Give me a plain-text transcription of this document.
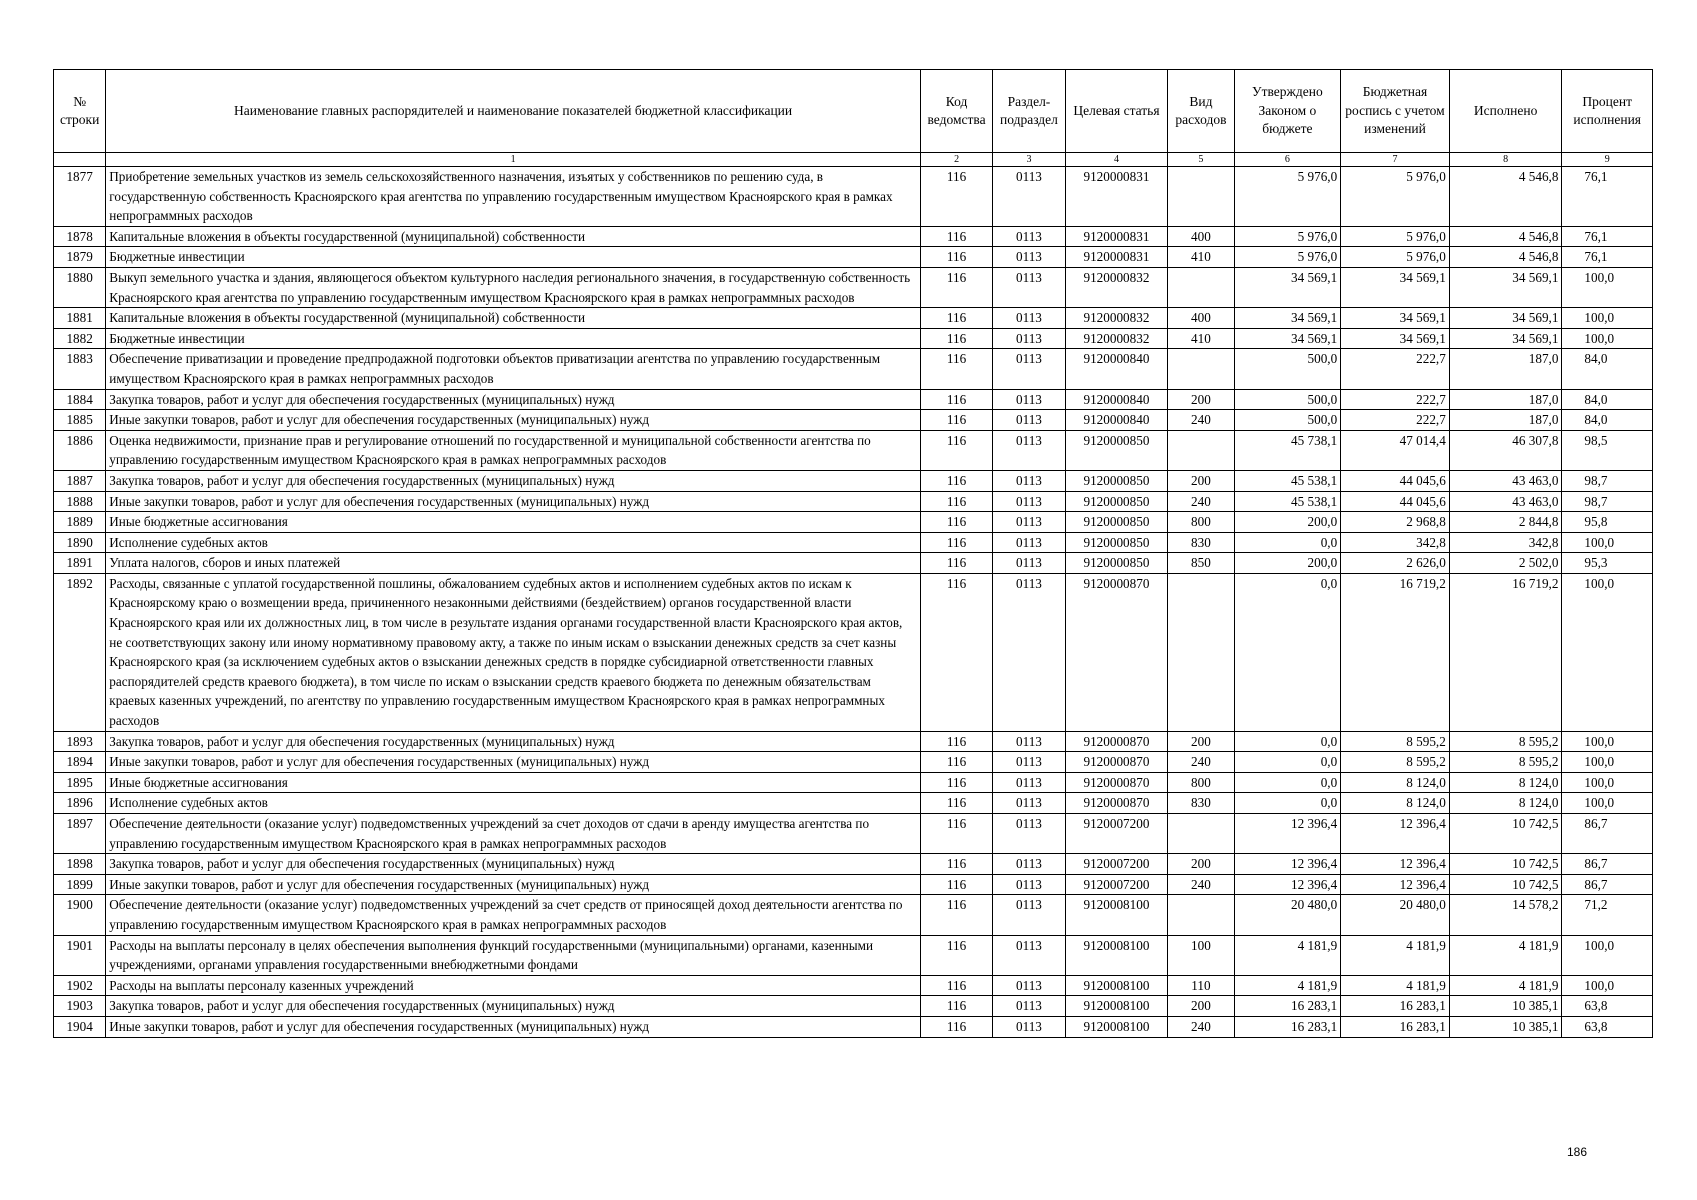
№ строки	Наименование главных распорядителей и наименование показателей бюджетной классификации	Код ведомства	Раздел-подраздел	Целевая статья	Вид расходов	Утверждено Законом о бюджете	Бюджетная роспись с учетом изменений	Исполнено	Процент исполнения
	1	2	3	4	5	6	7	8	9
1877	Приобретение земельных участков из земель сельскохозяйственного назначения, изъятых у собственников по решению суда, в государственную собственность Красноярского края агентства по управлению государственным имуществом Красноярского края в рамках непрограммных расходов	116	0113	9120000831		5 976,0	5 976,0	4 546,8	76,1
1878	Капитальные вложения в объекты государственной (муниципальной) собственности	116	0113	9120000831	400	5 976,0	5 976,0	4 546,8	76,1
1879	Бюджетные инвестиции	116	0113	9120000831	410	5 976,0	5 976,0	4 546,8	76,1
1880	Выкуп земельного участка и здания, являющегося объектом культурного наследия регионального значения, в государственную собственность Красноярского края агентства по управлению государственным имуществом Красноярского края в рамках непрограммных расходов	116	0113	9120000832		34 569,1	34 569,1	34 569,1	100,0
1881	Капитальные вложения в объекты государственной (муниципальной) собственности	116	0113	9120000832	400	34 569,1	34 569,1	34 569,1	100,0
1882	Бюджетные инвестиции	116	0113	9120000832	410	34 569,1	34 569,1	34 569,1	100,0
1883	Обеспечение приватизации и проведение предпродажной подготовки объектов приватизации агентства по управлению государственным имуществом Красноярского края в рамках непрограммных расходов	116	0113	9120000840		500,0	222,7	187,0	84,0
1884	Закупка товаров, работ и услуг для обеспечения государственных (муниципальных) нужд	116	0113	9120000840	200	500,0	222,7	187,0	84,0
1885	Иные закупки товаров, работ и услуг для обеспечения государственных (муниципальных) нужд	116	0113	9120000840	240	500,0	222,7	187,0	84,0
1886	Оценка недвижимости, признание прав и регулирование отношений по государственной и муниципальной собственности агентства по управлению государственным имуществом Красноярского края в рамках непрограммных расходов	116	0113	9120000850		45 738,1	47 014,4	46 307,8	98,5
1887	Закупка товаров, работ и услуг для обеспечения государственных (муниципальных) нужд	116	0113	9120000850	200	45 538,1	44 045,6	43 463,0	98,7
1888	Иные закупки товаров, работ и услуг для обеспечения государственных (муниципальных) нужд	116	0113	9120000850	240	45 538,1	44 045,6	43 463,0	98,7
1889	Иные бюджетные ассигнования	116	0113	9120000850	800	200,0	2 968,8	2 844,8	95,8
1890	Исполнение судебных актов	116	0113	9120000850	830	0,0	342,8	342,8	100,0
1891	Уплата налогов, сборов и иных платежей	116	0113	9120000850	850	200,0	2 626,0	2 502,0	95,3
1892	Расходы, связанные с уплатой государственной пошлины, обжалованием судебных актов и исполнением судебных актов по искам к Красноярскому краю о возмещении вреда, причиненного незаконными действиями (бездействием) органов государственной власти Красноярского края или их должностных лиц, в том числе в результате издания органами государственной власти Красноярского края актов, не соответствующих закону или иному нормативному правовому акту, а также по иным искам о взыскании денежных средств за счет казны Красноярского края (за исключением судебных актов о взыскании денежных средств в порядке субсидиарной ответственности главных распорядителей средств краевого бюджета), в том числе по искам о взыскании средств краевого бюджета по денежным обязательствам краевых казенных учреждений, по агентству по управлению государственным имуществом Красноярского края в рамках непрограммных расходов	116	0113	9120000870		0,0	16 719,2	16 719,2	100,0
1893	Закупка товаров, работ и услуг для обеспечения государственных (муниципальных) нужд	116	0113	9120000870	200	0,0	8 595,2	8 595,2	100,0
1894	Иные закупки товаров, работ и услуг для обеспечения государственных (муниципальных) нужд	116	0113	9120000870	240	0,0	8 595,2	8 595,2	100,0
1895	Иные бюджетные ассигнования	116	0113	9120000870	800	0,0	8 124,0	8 124,0	100,0
1896	Исполнение судебных актов	116	0113	9120000870	830	0,0	8 124,0	8 124,0	100,0
1897	Обеспечение деятельности (оказание услуг) подведомственных учреждений за счет доходов от сдачи в аренду имущества агентства по управлению государственным имуществом Красноярского края в рамках непрограммных расходов	116	0113	9120007200		12 396,4	12 396,4	10 742,5	86,7
1898	Закупка товаров, работ и услуг для обеспечения государственных (муниципальных) нужд	116	0113	9120007200	200	12 396,4	12 396,4	10 742,5	86,7
1899	Иные закупки товаров, работ и услуг для обеспечения государственных (муниципальных) нужд	116	0113	9120007200	240	12 396,4	12 396,4	10 742,5	86,7
1900	Обеспечение деятельности (оказание услуг) подведомственных учреждений за счет средств от приносящей доход деятельности агентства по управлению государственным имуществом Красноярского края в рамках непрограммных расходов	116	0113	9120008100		20 480,0	20 480,0	14 578,2	71,2
1901	Расходы на выплаты персоналу в целях обеспечения выполнения функций государственными (муниципальными) органами, казенными учреждениями, органами управления государственными внебюджетными фондами	116	0113	9120008100	100	4 181,9	4 181,9	4 181,9	100,0
1902	Расходы на выплаты персоналу казенных учреждений	116	0113	9120008100	110	4 181,9	4 181,9	4 181,9	100,0
1903	Закупка товаров, работ и услуг для обеспечения государственных (муниципальных) нужд	116	0113	9120008100	200	16 283,1	16 283,1	10 385,1	63,8
1904	Иные закупки товаров, работ и услуг для обеспечения государственных (муниципальных) нужд	116	0113	9120008100	240	16 283,1	16 283,1	10 385,1	63,8
186
